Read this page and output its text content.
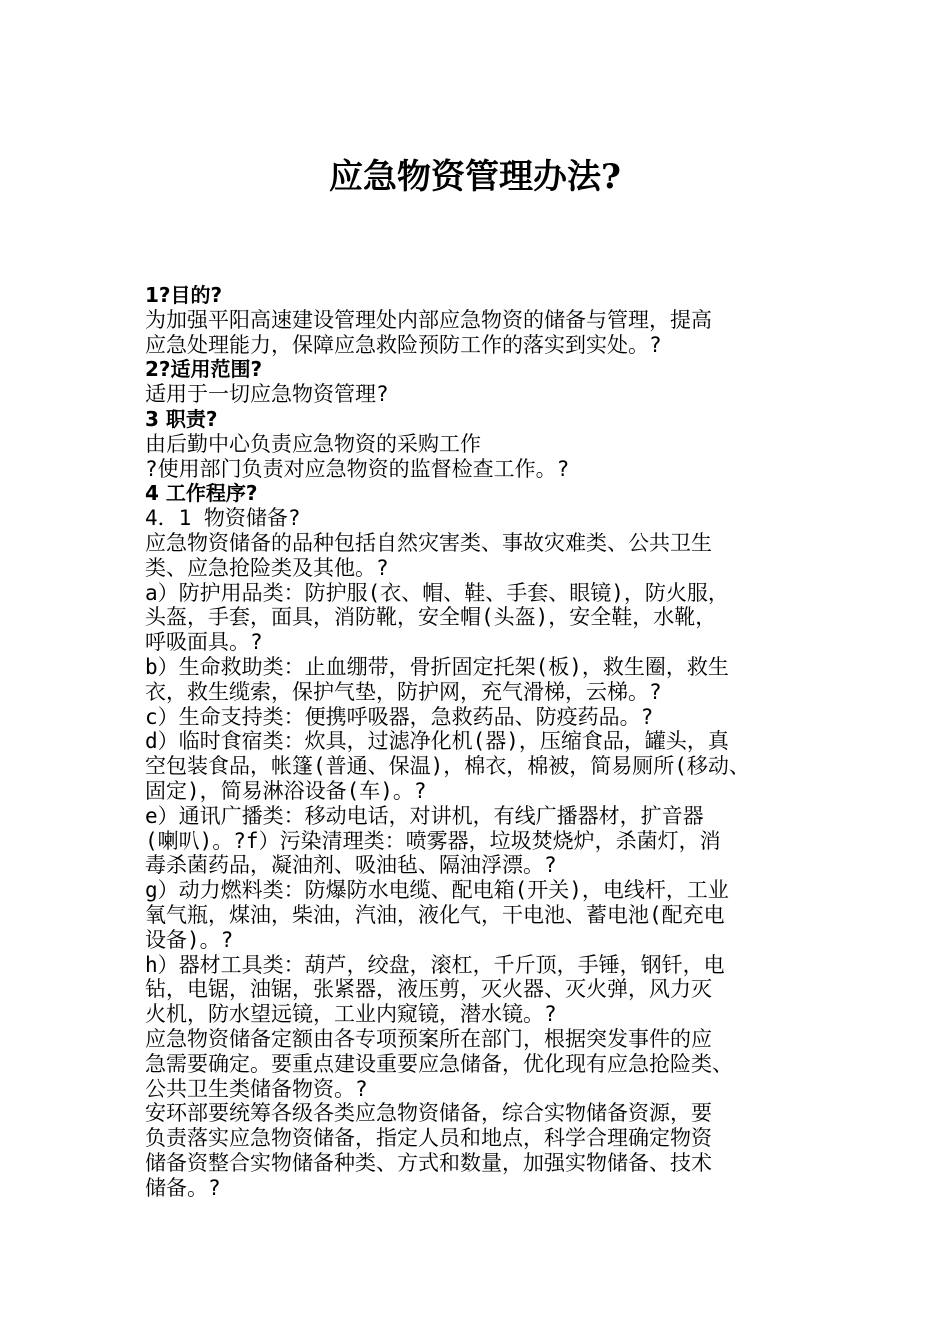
应急物资管理办法?
1?目的?
为加强平阳高速建设管理处内部应急物资的储备与管理，提高
应急处理能力，保障应急救险预防工作的落实到实处。?
2?适用范围?
适用于一切应急物资管理?
3 职责?
由后勤中心负责应急物资的采购工作
?使用部门负责对应急物资的监督检查工作。?
4 工作程序?
4．1 物资储备?
应急物资储备的品种包括自然灾害类、事故灾难类、公共卫生
类、应急抢险类及其他。?
a）防护用品类：防护服(衣、帽、鞋、手套、眼镜)，防火服，
头盔，手套，面具，消防靴，安全帽(头盔)，安全鞋，水靴，
呼吸面具。?
b）生命救助类：止血绷带，骨折固定托架(板)，救生圈，救生
衣，救生缆索，保护气垫，防护网，充气滑梯，云梯。?
c）生命支持类：便携呼吸器，急救药品、防疫药品。?
d）临时食宿类：炊具，过滤净化机(器)，压缩食品，罐头，真
空包装食品，帐篷(普通、保温)，棉衣，棉被，简易厕所(移动、
固定)，简易淋浴设备(车)。?
e）通讯广播类：移动电话，对讲机，有线广播器材，扩音器
(喇叭)。?f）污染清理类：喷雾器，垃圾焚烧炉，杀菌灯，消
毒杀菌药品，凝油剂、吸油毡、隔油浮漂。?
g）动力燃料类：防爆防水电缆、配电箱(开关)，电线杆，工业
氧气瓶，煤油，柴油，汽油，液化气，干电池、蓄电池(配充电
设备)。?
h）器材工具类：葫芦，绞盘，滚杠，千斤顶，手锤，钢钎，电
钻，电锯，油锯，张紧器，液压剪，灭火器、灭火弹，风力灭
火机，防水望远镜，工业内窥镜，潜水镜。?
应急物资储备定额由各专项预案所在部门，根据突发事件的应
急需要确定。要重点建设重要应急储备，优化现有应急抢险类、
公共卫生类储备物资。?
安环部要统筹各级各类应急物资储备，综合实物储备资源，要
负责落实应急物资储备，指定人员和地点，科学合理确定物资
储备资整合实物储备种类、方式和数量，加强实物储备、技术
储备。?
